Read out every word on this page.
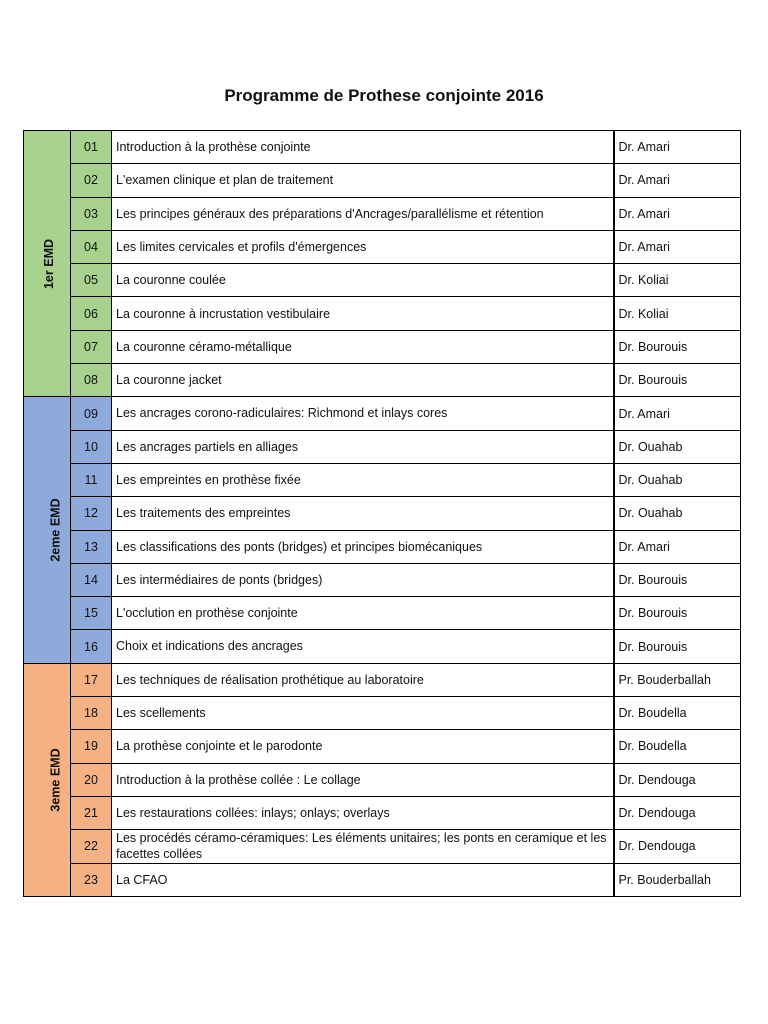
Programme de Prothese conjointe 2016
1er EMD	01	Introduction à la prothèse conjointe	Dr. Amari
	02	L'examen clinique et plan de traitement	Dr. Amari
	03	Les principes généraux des préparations d'Ancrages/parallélisme et rétention	Dr. Amari
	04	Les limites cervicales et profils d'émergences	Dr. Amari
	05	La couronne coulée	Dr. Koliai
	06	La couronne à incrustation vestibulaire	Dr. Koliai
	07	La couronne céramo-métallique	Dr. Bourouis
	08	La couronne jacket	Dr. Bourouis
2eme EMD	09	Les ancrages corono-radiculaires: Richmond et inlays cores	Dr. Amari
	10	Les ancrages partiels en alliages	Dr. Ouahab
	11	Les empreintes en prothèse fixée	Dr. Ouahab
	12	Les traitements des empreintes	Dr. Ouahab
	13	Les classifications des ponts (bridges) et principes biomécaniques	Dr. Amari
	14	Les intermédiaires de ponts (bridges)	Dr. Bourouis
	15	L'occlution en prothèse conjointe	Dr. Bourouis
	16	Choix et indications des ancrages	Dr. Bourouis
3eme EMD	17	Les techniques de réalisation prothétique au laboratoire	Pr. Bouderballah
	18	Les scellements	Dr. Boudella
	19	La prothèse conjointe et le parodonte	Dr. Boudella
	20	Introduction à la prothèse collée : Le collage	Dr. Dendouga
	21	Les restaurations collées: inlays; onlays; overlays	Dr. Dendouga
	22	Les procédés céramo-céramiques: Les éléments unitaires; les ponts en ceramique et les facettes collées	Dr. Dendouga
	23	La CFAO	Pr. Bouderballah
